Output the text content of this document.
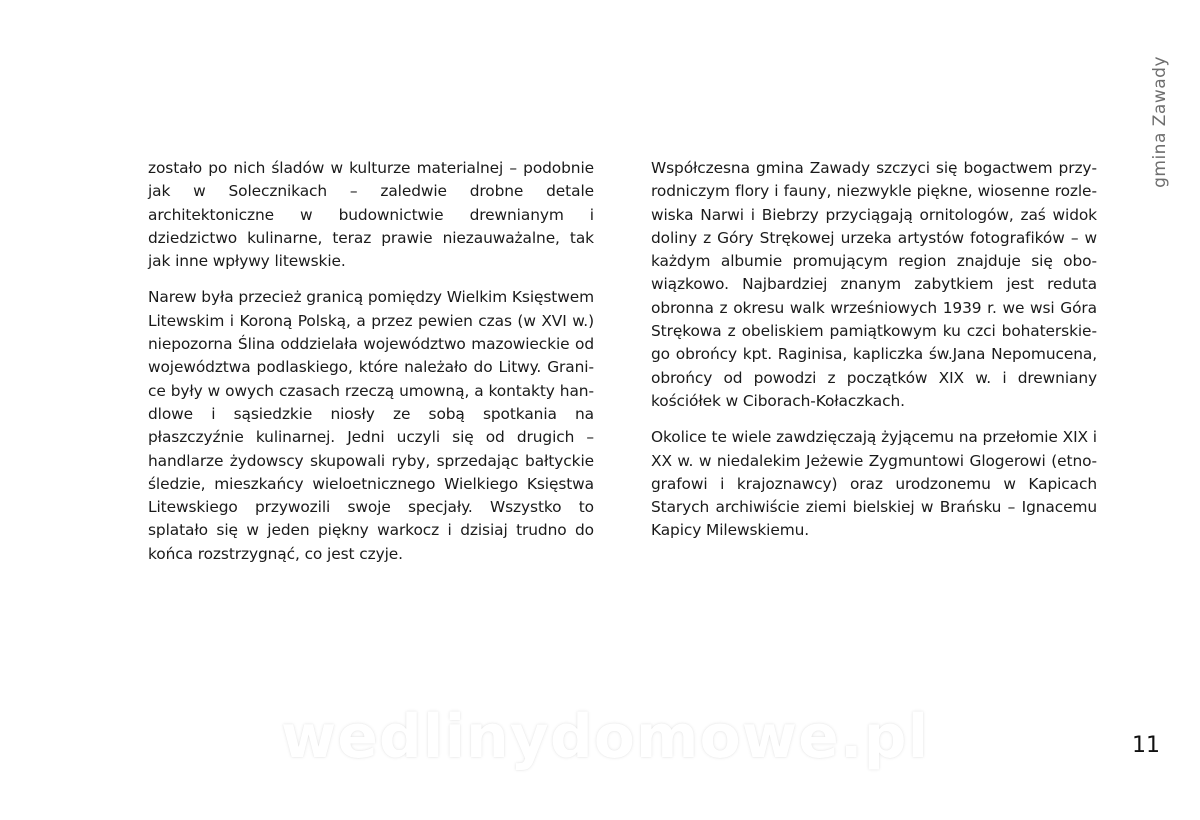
gmina Zawady

zostało po nich śladów w kulturze materialnej – podobnie jak w Solecznikach – zaledwie drobne detale architektoniczne w budownictwie drewnianym i dziedzictwo kulinarne, teraz prawie niezauważalne, tak jak inne wpływy litewskie.

Narew była przecież granicą pomiędzy Wielkim Księstwem Litewskim i Koroną Polską, a przez pewien czas (w XVI w.) niepozorna Ślina oddzielała województwo mazowieckie od województwa podlaskiego, które należało do Litwy. Granice były w owych czasach rzeczą umowną, a kontakty handlowe i sąsiedzkie niosły ze sobą spotkania na płaszczyźnie kulinarnej. Jedni uczyli się od drugich – handlarze żydowscy skupowali ryby, sprzedając bałtyckie śledzie, mieszkańcy wieloetnicznego Wielkiego Księstwa Litewskiego przywozili swoje specjały. Wszystko to splatało się w jeden piękny warkocz i dzisiaj trudno do końca rozstrzygnąć, co jest czyje.

Współczesna gmina Zawady szczyci się bogactwem przyrodniczym flory i fauny, niezwykle piękne, wiosenne rozlewiska Narwi i Biebrzy przyciągają ornitologów, zaś widok doliny z Góry Strękowej urzeka artystów fotografików – w każdym albumie promującym region znajduje się obowiązkowo. Najbardziej znanym zabytkiem jest reduta obronna z okresu walk wrześniowych 1939 r. we wsi Góra Strękowa z obeliskiem pamiątkowym ku czci bohaterskiego obrońcy kpt. Raginisa, kapliczka św.Jana Nepomucena, obrońcy od powodzi z początków XIX w. i drewniany kościółek w Ciborach-Kołaczkach.

Okolice te wiele zawdzięczają żyjącemu na przełomie XIX i XX w. w niedalekim Jeżewie Zygmuntowi Glogerowi (etnografowi i krajoznawcy) oraz urodzonemu w Kapicach Starych archiwiście ziemi bielskiej w Brańsku – Ignacemu Kapicy Milewskiemu.

wedlinydomowe.pl	11
